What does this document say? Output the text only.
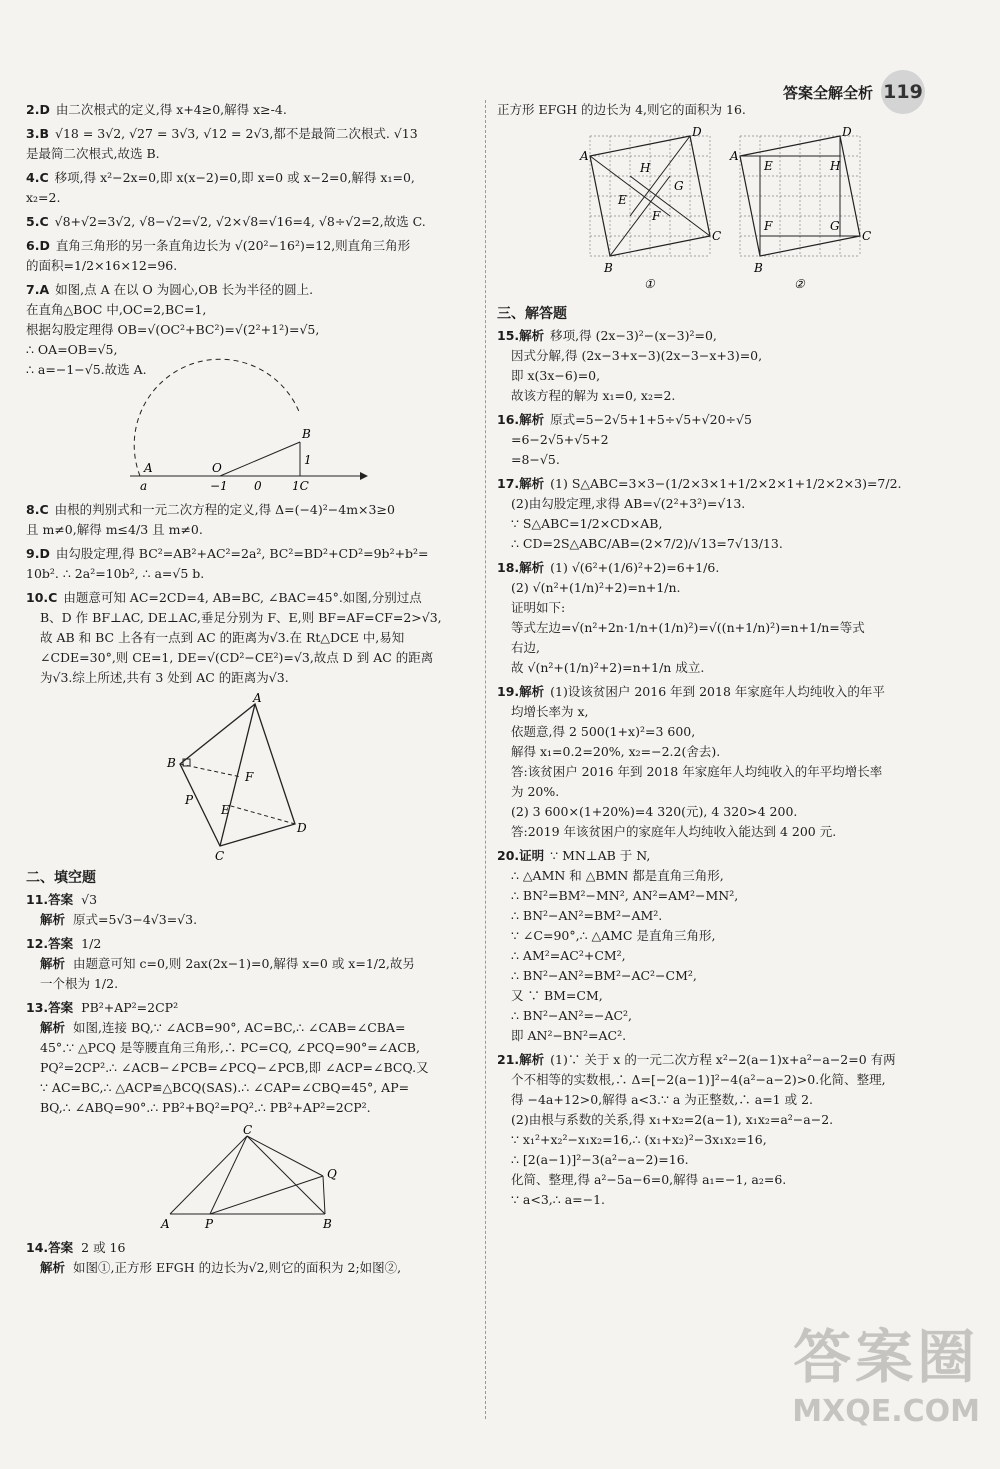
答案全解全析 119
2.D 由二次根式的定义,得 x+4≥0,解得 x≥-4.
3.B √18 = 3√2, √27 = 3√3, √12 = 2√3,都不是最简二次根式. √13
是最简二次根式,故选 B.
4.C 移项,得 x²−2x=0,即 x(x−2)=0,即 x=0 或 x−2=0,解得 x₁=0,
x₂=2.
5.C √8+√2=3√2, √8−√2=√2, √2×√8=√16=4, √8÷√2=2,故选 C.
6.D 直角三角形的另一条直角边长为 √(20²−16²)=12,则直角三角形
的面积=1/2×16×12=96.
7.A 如图,点 A 在以 O 为圆心,OB 长为半径的圆上.
在直角△BOC 中,OC=2,BC=1,
根据勾股定理得 OB=√(OC²+BC²)=√(2²+1²)=√5,
∴ OA=OB=√5,
∴ a=−1−√5.故选 A.
A
a
O
B
1
−1 0	1C
8.C 由根的判别式和一元二次方程的定义,得 Δ=(−4)²−4m×3≥0
且 m≠0,解得 m≤4/3 且 m≠0.
9.D 由勾股定理,得 BC²=AB²+AC²=2a², BC²=BD²+CD²=9b²+b²=
10b². ∴ 2a²=10b², ∴ a=√5 b.
10.C 由题意可知 AC=2CD=4, AB=BC, ∠BAC=45°.如图,分别过点
B、D 作 BF⊥AC, DE⊥AC,垂足分别为 F、E,则 BF=AF=CF=2>√3,
故 AB 和 BC 上各有一点到 AC 的距离为√3.在 Rt△DCE 中,易知
∠CDE=30°,则 CE=1, DE=√(CD²−CE²)=√3,故点 D 到 AC 的距离
为√3.综上所述,共有 3 处到 AC 的距离为√3.
A
B
F
P
E
D
C
二、填空题
11.答案 √3
解析 原式=5√3−4√3=√3.
12.答案 1/2
解析 由题意可知 c=0,则 2ax(2x−1)=0,解得 x=0 或 x=1/2,故另
一个根为 1/2.
13.答案 PB²+AP²=2CP²
解析 如图,连接 BQ,∵ ∠ACB=90°, AC=BC,∴ ∠CAB=∠CBA=
45°.∵ △PCQ 是等腰直角三角形,∴ PC=CQ, ∠PCQ=90°=∠ACB,
PQ²=2CP².∴ ∠ACB−∠PCB=∠PCQ−∠PCB,即 ∠ACP=∠BCQ.又
∵ AC=BC,∴ △ACP≌△BCQ(SAS).∴ ∠CAP=∠CBQ=45°, AP=
BQ,∴ ∠ABQ=90°.∴ PB²+BQ²=PQ².∴ PB²+AP²=2CP².
C
Q
A	P	B
14.答案 2 或 16
解析 如图①,正方形 EFGH 的边长为√2,则它的面积为 2;如图②,
正方形 EFGH 的边长为 4,则它的面积为 16.
A
D
C
B
H
G
E
F
①
A
D
C
B
E	H
F	G
②
三、解答题
15.解析 移项,得 (2x−3)²−(x−3)²=0,
因式分解,得 (2x−3+x−3)(2x−3−x+3)=0,
即 x(3x−6)=0,
故该方程的解为 x₁=0, x₂=2.
16.解析 原式=5−2√5+1+5÷√5+√20÷√5
=6−2√5+√5+2
=8−√5.
17.解析 (1) S△ABC=3×3−(1/2×3×1+1/2×2×1+1/2×2×3)=7/2.
(2)由勾股定理,求得 AB=√(2²+3²)=√13.
∵ S△ABC=1/2×CD×AB,
∴ CD=2S△ABC/AB=(2×7/2)/√13=7√13/13.
18.解析 (1) √(6²+(1/6)²+2)=6+1/6.
(2) √(n²+(1/n)²+2)=n+1/n.
证明如下:
等式左边=√(n²+2n·1/n+(1/n)²)=√((n+1/n)²)=n+1/n=等式
右边,
故 √(n²+(1/n)²+2)=n+1/n 成立.
19.解析 (1)设该贫困户 2016 年到 2018 年家庭年人均纯收入的年平
均增长率为 x,
依题意,得 2 500(1+x)²=3 600,
解得 x₁=0.2=20%, x₂=−2.2(舍去).
答:该贫困户 2016 年到 2018 年家庭年人均纯收入的年平均增长率
为 20%.
(2) 3 600×(1+20%)=4 320(元), 4 320>4 200.
答:2019 年该贫困户的家庭年人均纯收入能达到 4 200 元.
20.证明 ∵ MN⊥AB 于 N,
∴ △AMN 和 △BMN 都是直角三角形,
∴ BN²=BM²−MN², AN²=AM²−MN²,
∴ BN²−AN²=BM²−AM².
∵ ∠C=90°,∴ △AMC 是直角三角形,
∴ AM²=AC²+CM²,
∴ BN²−AN²=BM²−AC²−CM²,
又 ∵ BM=CM,
∴ BN²−AN²=−AC²,
即 AN²−BN²=AC².
21.解析 (1)∵ 关于 x 的一元二次方程 x²−2(a−1)x+a²−a−2=0 有两
个不相等的实数根,∴ Δ=[−2(a−1)]²−4(a²−a−2)>0.化简、整理,
得 −4a+12>0,解得 a<3.∵ a 为正整数,∴ a=1 或 2.
(2)由根与系数的关系,得 x₁+x₂=2(a−1), x₁x₂=a²−a−2.
∵ x₁²+x₂²−x₁x₂=16,∴ (x₁+x₂)²−3x₁x₂=16,
∴ [2(a−1)]²−3(a²−a−2)=16.
化简、整理,得 a²−5a−6=0,解得 a₁=−1, a₂=6.
∵ a<3,∴ a=−1.
答案圈
MXQE.COM
